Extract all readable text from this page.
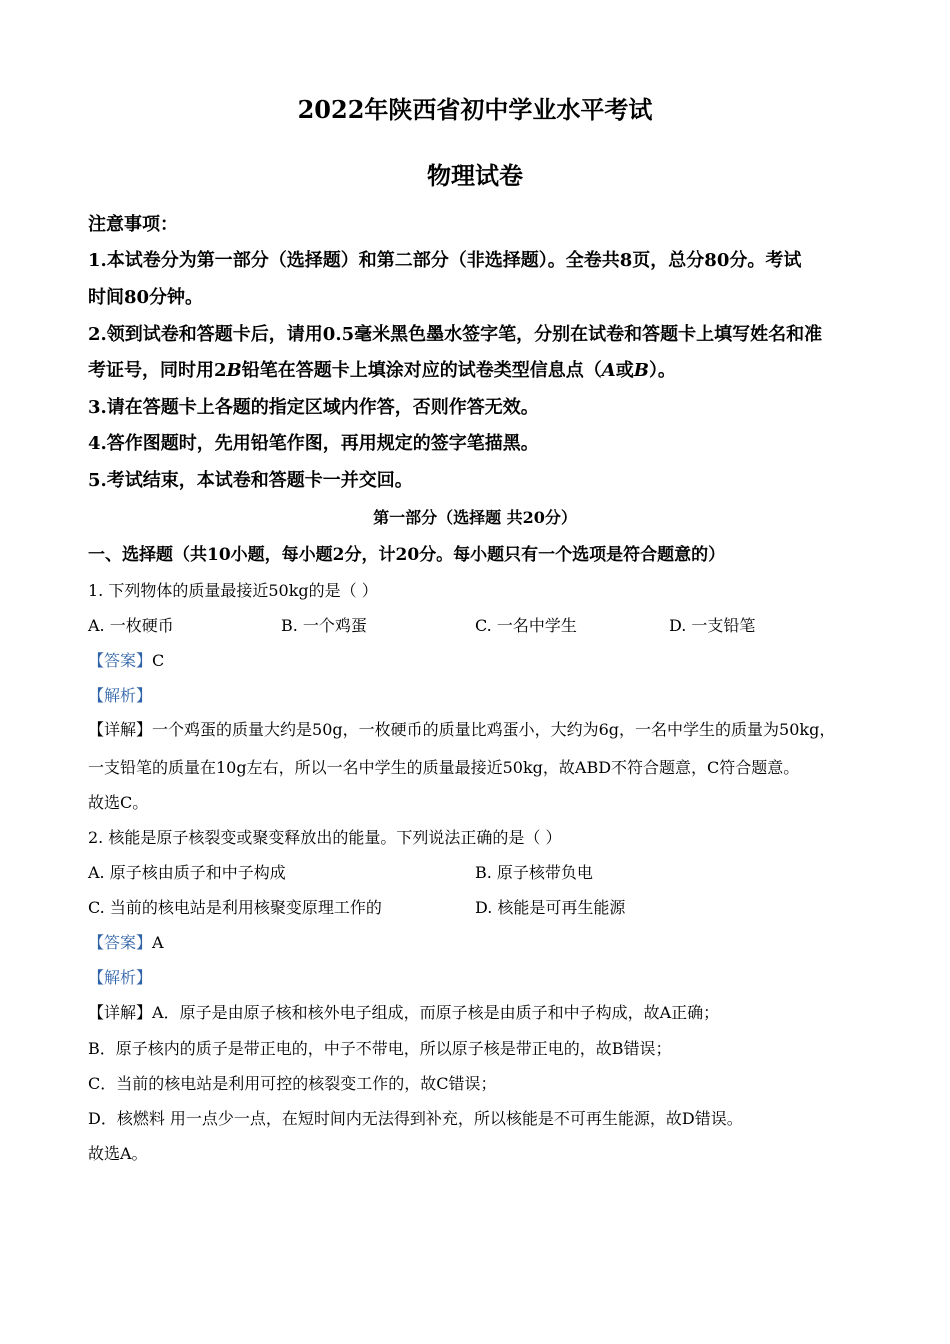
2022年陕西省初中学业水平考试
物理试卷
注意事项：
1.本试卷分为第一部分（选择题）和第二部分（非选择题）。全卷共8页，总分80分。考试
时间80分钟。
2.领到试卷和答题卡后，请用0.5毫米黑色墨水签字笔，分别在试卷和答题卡上填写姓名和准
考证号，同时用2B铅笔在答题卡上填涂对应的试卷类型信息点（A或B）。
3.请在答题卡上各题的指定区域内作答，否则作答无效。
4.答作图题时，先用铅笔作图，再用规定的签字笔描黑。
5.考试结束，本试卷和答题卡一并交回。
第一部分（选择题 共20分）
一、选择题（共10小题，每小题2分，计20分。每小题只有一个选项是符合题意的）
1. 下列物体的质量最接近50kg的是（ ）
A. 一枚硬币	B. 一个鸡蛋	C. 一名中学生	D. 一支铅笔
【答案】C
【解析】
【详解】一个鸡蛋的质量大约是50g，一枚硬币的质量比鸡蛋小，大约为6g，一名中学生的质量为50kg，
一支铅笔的质量在10g左右，所以一名中学生的质量最接近50kg，故ABD不符合题意，C符合题意。
故选C。
2. 核能是原子核裂变或聚变释放出的能量。下列说法正确的是（ ）
A. 原子核由质子和中子构成	B. 原子核带负电
C. 当前的核电站是利用核聚变原理工作的	D. 核能是可再生能源
【答案】A
【解析】
【详解】A．原子是由原子核和核外电子组成，而原子核是由质子和中子构成，故A正确；
B．原子核内的质子是带正电的，中子不带电，所以原子核是带正电的，故B错误；
C．当前的核电站是利用可控的核裂变工作的，故C错误；
D．核燃料 用一点少一点，在短时间内无法得到补充，所以核能是不可再生能源，故D错误。
故选A。
